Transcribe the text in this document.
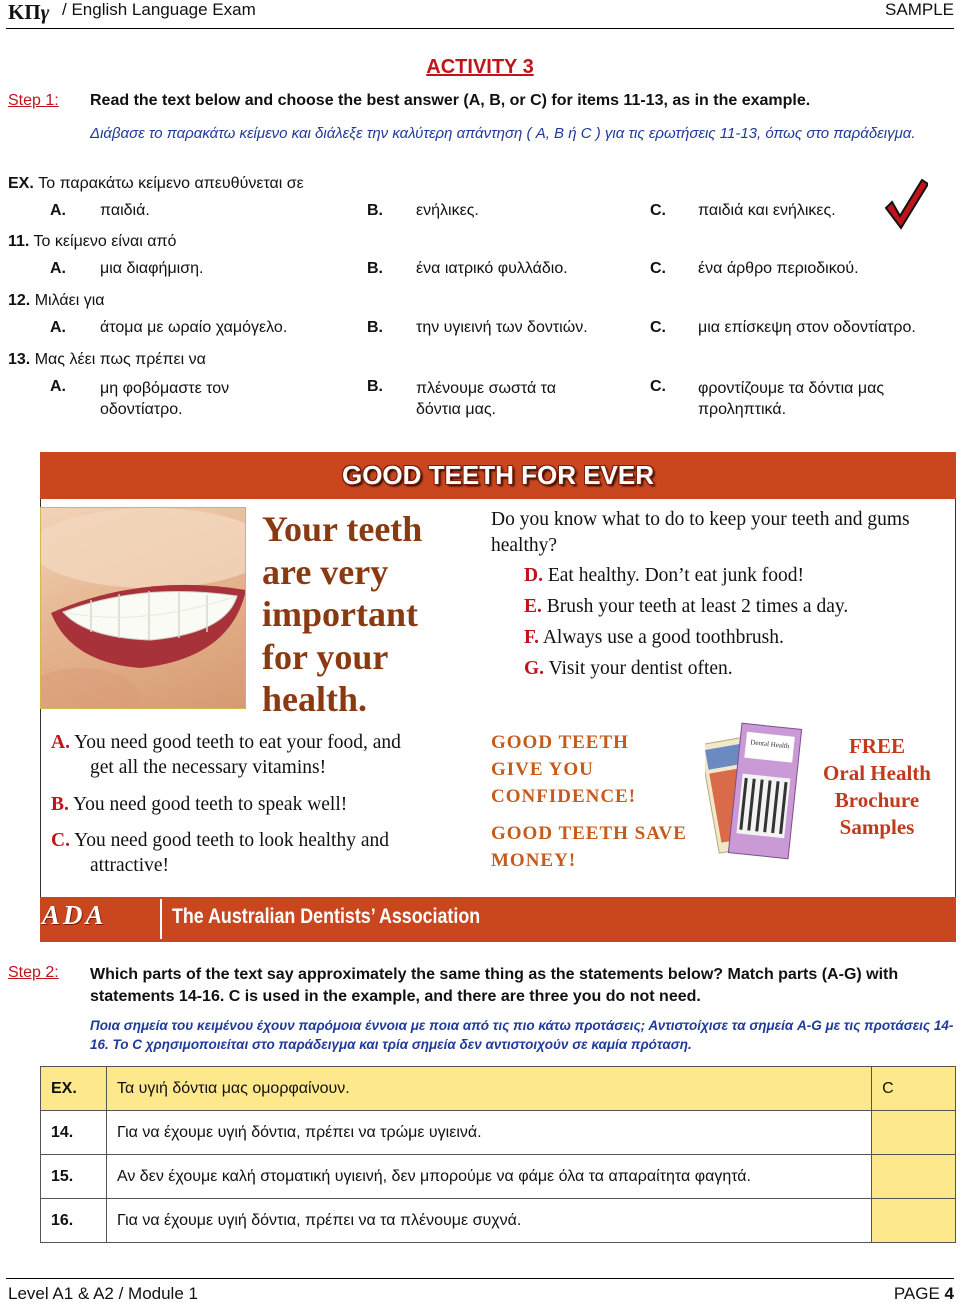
ΚΠγ / English Language Exam	SAMPLE
ACTIVITY 3
Step 1: Read the text below and choose the best answer (A, B, or C) for items 11-13, as in the example.
Διάβασε το παρακάτω κείμενο και διάλεξε την καλύτερη απάντηση ( A, B ή C ) για τις ερωτήσεις 11-13, όπως στο παράδειγμα.
EX. Το παρακάτω κείμενο απευθύνεται σε
A. παιδιά.	B. ενήλικες.	C. παιδιά και ενήλικες.
11. Το κείμενο είναι από
A. μια διαφήμιση.	B. ένα ιατρικό φυλλάδιο.	C. ένα άρθρο περιοδικού.
12. Μιλάει για
A. άτομα με ωραίο χαμόγελο.	B. την υγιεινή των δοντιών.	C. μια επίσκεψη στον οδοντίατρο.
13. Μας λέει πως πρέπει να
A. μη φοβόμαστε τον
οδοντίατρο.
B. πλένουμε σωστά τα
δόντια μας.
C. φροντίζουμε τα δόντια μας
προληπτικά.
GOOD TEETH FOR EVER
Your teeth
are very
important
for your
health.
Do you know what to do to keep your teeth and gums healthy?
D. Eat healthy. Don’t eat junk food!
E. Brush your teeth at least 2 times a day.
F. Always use a good toothbrush.
G. Visit your dentist often.
A. You need good teeth to eat your food, and
get all the necessary vitamins!
B. You need good teeth to speak well!
C. You need good teeth to look healthy and
attractive!
GOOD TEETH
GIVE YOU
CONFIDENCE!
GOOD TEETH SAVE
MONEY!
Dental Health	FREE
Oral Health
Brochure
Samples
ADA	The Australian Dentists’ Association
Step 2: Which parts of the text say approximately the same thing as the statements below? Match parts (A-G) with statements 14-16. C is used in the example, and there are three you do not need.
Ποια σημεία του κειμένου έχουν παρόμοια έννοια με ποια από τις πιο κάτω προτάσεις; Αντιστοίχισε τα σημεία A-G με τις προτάσεις 14-16. Το C χρησιμοποιείται στο παράδειγμα και τρία σημεία δεν αντιστοιχούν σε καμία πρόταση.
EX.	Τα υγιή δόντια μας ομορφαίνουν.	C
14.	Για να έχουμε υγιή δόντια, πρέπει να τρώμε υγιεινά.	
15.	Αν δεν έχουμε καλή στοματική υγιεινή, δεν μπορούμε να φάμε όλα τα απαραίτητα φαγητά.	
16.	Για να έχουμε υγιή δόντια, πρέπει να τα πλένουμε συχνά.	
Level A1 & A2 / Module 1	PAGE 4
